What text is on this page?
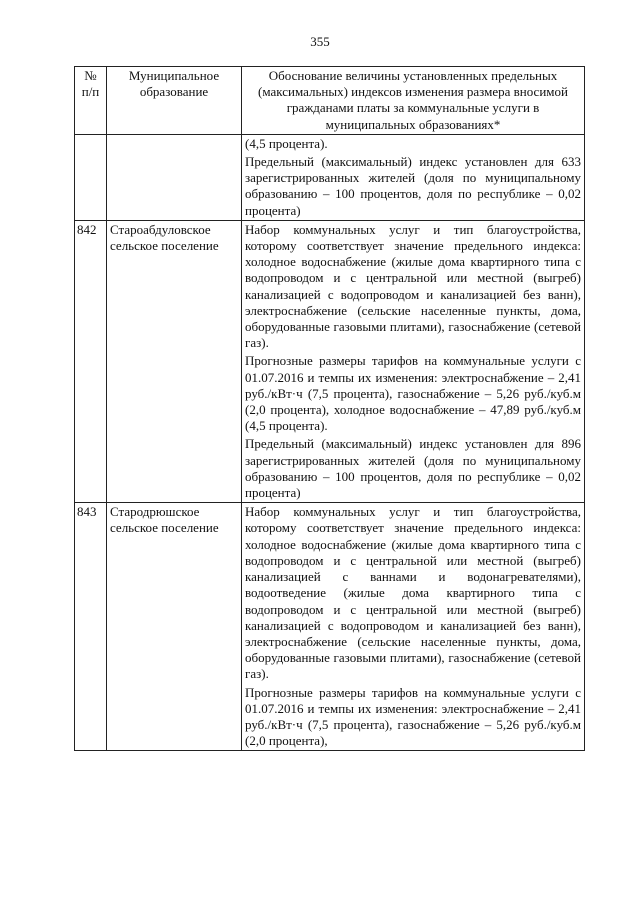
355
№ п/п	Муниципальное образование	Обоснование величины установленных предельных (максимальных) индексов изменения размера вносимой гражданами платы за коммунальные услуги в муниципальных образованиях*

		(4,5 процента).
Предельный (максимальный) индекс установлен для 633 зарегистрированных жителей (доля по муниципальному образованию – 100 процентов, доля по республике – 0,02 процента)

842	Староабдуловское сельское поселение	Набор коммунальных услуг и тип благоустройства, которому соответствует значение предельного индекса: холодное водоснабжение (жилые дома квартирного типа с водопроводом и с центральной или местной (выгреб) канализацией с водопроводом и канализацией без ванн), электроснабжение (сельские населенные пункты, дома, оборудованные газовыми плитами), газоснабжение (сетевой газ).
Прогнозные размеры тарифов на коммунальные услуги с 01.07.2016 и темпы их изменения: электроснабжение – 2,41 руб./кВт·ч (7,5 процента), газоснабжение – 5,26 руб./куб.м (2,0 процента), холодное водоснабжение – 47,89 руб./куб.м (4,5 процента).
Предельный (максимальный) индекс установлен для 896 зарегистрированных жителей (доля по муниципальному образованию – 100 процентов, доля по республике – 0,02 процента)

843	Стародрюшское сельское поселение	Набор коммунальных услуг и тип благоустройства, которому соответствует значение предельного индекса: холодное водоснабжение (жилые дома квартирного типа с водопроводом и с центральной или местной (выгреб) канализацией с ваннами и водонагревателями), водоотведение (жилые дома квартирного типа с водопроводом и с центральной или местной (выгреб) канализацией с водопроводом и канализацией без ванн), электроснабжение (сельские населенные пункты, дома, оборудованные газовыми плитами), газоснабжение (сетевой газ).
Прогнозные размеры тарифов на коммунальные услуги с 01.07.2016 и темпы их изменения: электроснабжение – 2,41 руб./кВт·ч (7,5 процента), газоснабжение – 5,26 руб./куб.м (2,0 процента),
